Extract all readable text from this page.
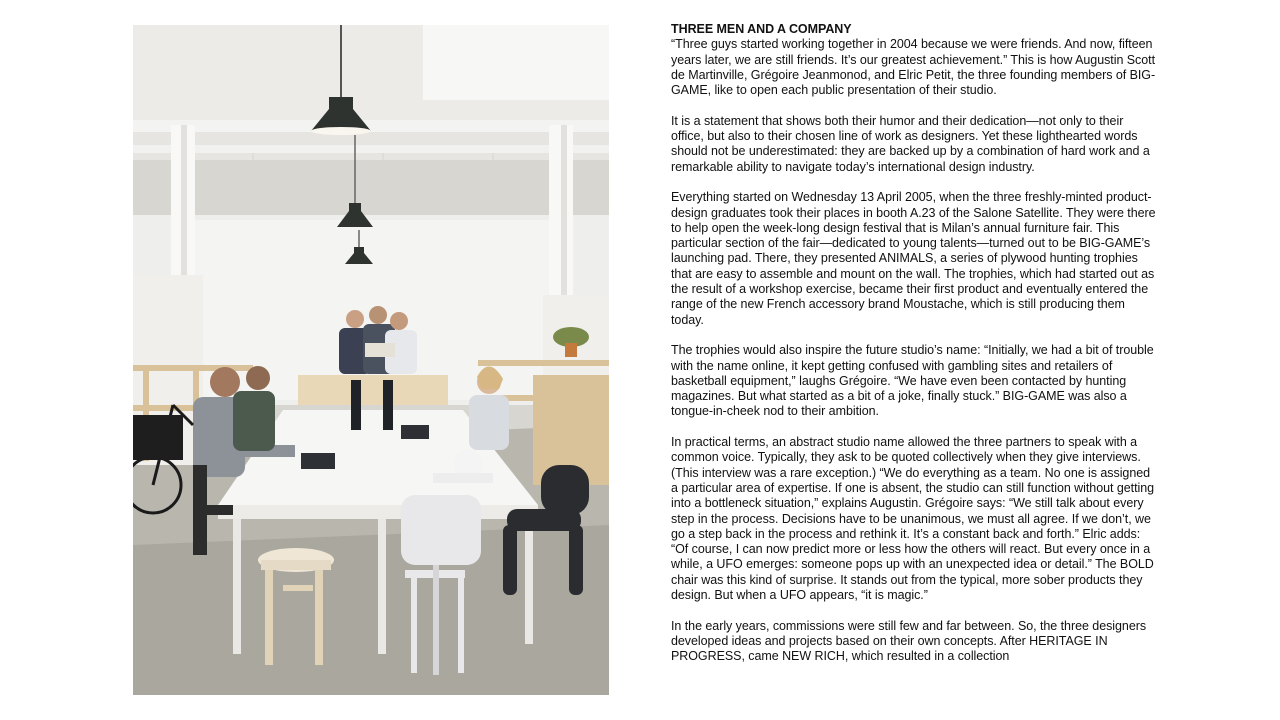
THREE MEN AND A COMPANY

“Three guys started working together in 2004 because we were friends. And now, fifteen years later, we are still friends. It’s our greatest achievement.” This is how Augustin Scott de Martinville, Grégoire Jeanmonod, and Elric Petit, the three founding members of BIG-GAME, like to open each public presentation of their studio.

It is a statement that shows both their humor and their dedication—not only to their office, but also to their chosen line of work as designers. Yet these lighthearted words should not be underestimated: they are backed up by a combination of hard work and a remarkable ability to navigate today’s international design industry.

Everything started on Wednesday 13 April 2005, when the three freshly-minted product-design graduates took their places in booth A.23 of the Salone Satellite. They were there to help open the week-long design festival that is Milan’s annual furniture fair. This particular section of the fair—dedicated to young talents—turned out to be BIG-GAME’s launching pad. There, they presented ANIMALS, a series of plywood hunting trophies that are easy to assemble and mount on the wall. The trophies, which had started out as the result of a workshop exercise, became their first product and eventually entered the range of the new French accessory brand Moustache, which is still producing them today.

The trophies would also inspire the future studio’s name: “Initially, we had a bit of trouble with the name online, it kept getting confused with gambling sites and retailers of basketball equipment,” laughs Grégoire. “We have even been contacted by hunting magazines. But what started as a bit of a joke, finally stuck.” BIG-GAME was also a tongue-in-cheek nod to their ambition.

In practical terms, an abstract studio name allowed the three partners to speak with a common voice. Typically, they ask to be quoted collectively when they give interviews. (This interview was a rare exception.) “We do everything as a team. No one is assigned a particular area of expertise. If one is absent, the studio can still function without getting into a bottleneck situation,” explains Augustin. Grégoire says: “We still talk about every step in the process. Decisions have to be unanimous, we must all agree. If we don’t, we go a step back in the process and rethink it. It’s a constant back and forth.” Elric adds: “Of course, I can now predict more or less how the others will react. But every once in a while, a UFO emerges: someone pops up with an unexpected idea or detail.” The BOLD chair was this kind of surprise. It stands out from the typical, more sober products they design. But when a UFO appears, “it is magic.”

In the early years, commissions were still few and far between. So, the three designers developed ideas and projects based on their own concepts. After HERITAGE IN PROGRESS, came NEW RICH, which resulted in a collection
